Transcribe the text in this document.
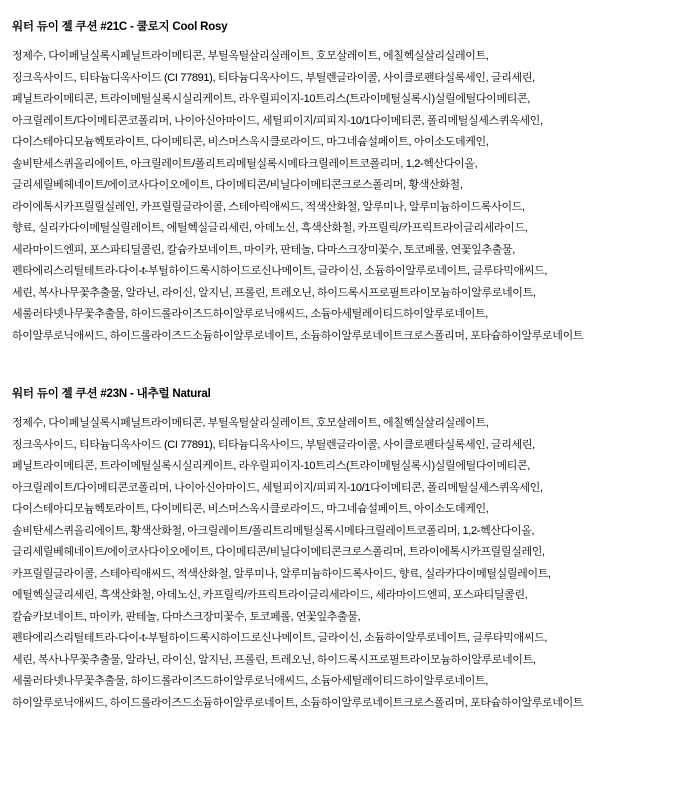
워터 듀이 젤 쿠션 #21C - 쿨로지 Cool Rosy

정제수, 다이페닐실록시페닐트라이메티콘, 부틸옥틸살리실레이트, 호모살레이트, 에칠헥실살리실레이트,

징크옥사이드, 티타늄디옥사이드 (CI 77891), 티타늄디옥사이드, 부틸렌글라이콜, 사이클로펜타실록세인, 글리세린,

페닐트라이메티콘, 트라이메틸실록시실리케이트, 라우릴피이지-10트리스(트라이메틸실록시)실릴에틸다이메티콘,

아크릴레이트/다이메티콘코폴리머, 나이아신아마이드, 세틸피이지/피피지-10/1다이메티콘, 폴리메틸실세스퀴옥세인,

다이스테아디모늄헥토라이트, 다이메티콘, 비스머스옥시클로라이드, 마그네슘설페이트, 아이소도데케인,

솔비탄세스퀴올리에이트, 아크릴레이트/폴리트리메틸실록시메타크릴레이트코폴리머, 1,2-헥산다이올,

글리세릴베헤네이트/에이코사다이오에이트, 다이메티콘/비닐다이메티콘크로스폴리머, 황색산화철,

라이에톡시카프릴릴실레인, 카프릴릴글라이콜, 스테아릭애씨드, 적색산화철, 알루미나, 알루미늄하이드록사이드,

향료, 실리카다이메틸실릴레이트, 에틸헥실글리세린, 아데노신, 흑색산화철, 카프릴릭/카프릭트라이글리세라이드,

세라마이드엔피, 포스파티딜콜린, 칼슘카보네이트, 마이카, 판테놀, 다마스크장미꽃수, 토코페롤, 연꽃잎추출물,

펜타에리스리틸테트라-다이-t-부틸하이드록시하이드로신나메이트, 글라이신, 소듐하이알루로네이트, 글루타믹애씨드,

세린, 복사나무꽃추출물, 알라닌, 라이신, 알지닌, 프롤린, 트레오닌, 하이드록시프로필트라이모늄하이알루로네이트,

세룰러타넷나무꽃추출물, 하이드롤라이즈드하이알루로닉애씨드, 소듐아세틸레이티드하이알루로네이트,

하이알루로닉애씨드, 하이드롤라이즈드소듐하이알루로네이트, 소듐하이알루로네이트크로스폴리머, 포타슘하이알루로네이트

워터 듀이 젤 쿠션 #23N - 내추럴 Natural

정제수, 다이페닐실록시페닐트라이메티콘, 부틸옥틸살리실레이트, 호모살레이트, 에칠헥실살리실레이트,

징크옥사이드, 티타늄디옥사이드 (CI 77891), 티타늄디옥사이드, 부틸렌글라이콜, 사이클로펜타실록세인, 글리세린,

페닐트라이메티콘, 트라이메틸실록시실리케이트, 라우릴피이지-10트리스(트라이메틸실록시)실릴에틸다이메티콘,

아크릴레이트/다이메티콘코폴리머, 나이아신아마이드, 세틸피이지/피피지-10/1다이메티콘, 폴리메틸실세스퀴옥세인,

다이스테아디모늄헥토라이트, 다이메티콘, 비스머스옥시클로라이드, 마그네슘설페이트, 아이소도데케인,

솔비탄세스퀴올리에이트, 황색산화철, 아크릴레이트/폴리트리메틸실록시메타크릴레이트코폴리머, 1,2-헥산다이올,

글리세릴베헤네이트/에이코사다이오에이트, 다이메티콘/비닐다이메티콘크로스폴리머, 트라이에톡시카프릴릴실레인,

카프릴릴글라이콜, 스테아릭애씨드, 적색산화철, 알루미나, 알루미늄하이드록사이드, 향료, 실라카다이메틸실릴레이트,

에틸헥실글리세린, 흑색산화철, 아데노신, 카프릴릭/카프릭트라이글리세라이드, 세라마이드엔피, 포스파티딜콜린,

칼슘카보네이트, 마이카, 판테놀, 다마스크장미꽃수, 토코페롤, 연꽃잎추출물,

펜타에리스리틸테트라-다이-t-부틸하이드록시하이드로신나메이트, 글라이신, 소듐하이알루로네이트, 글루타믹애씨드,

세린, 복사나무꽃추출물, 알라닌, 라이신, 알지닌, 프롤린, 트레오닌, 하이드록시프로필트라이모늄하이알루로네이트,

세룰러타넷나무꽃추출물, 하이드롤라이즈드하이알루로닉애씨드, 소듐아세틸레이티드하이알루로네이트,

하이알루로닉애씨드, 하이드롤라이즈드소듐하이알루로네이트, 소듐하이알루로네이트크로스폴리머, 포타슘하이알루로네이트
